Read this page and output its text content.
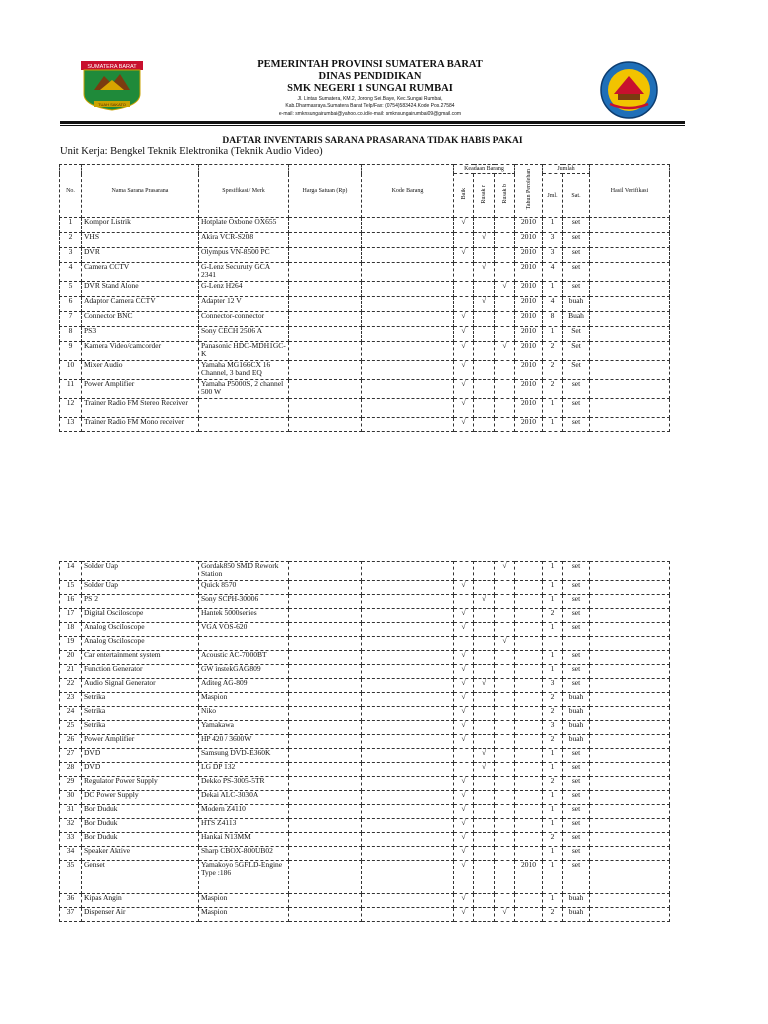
SUMATERA BARAT
TUAH SAKATO
PEMERINTAH PROVINSI SUMATERA BARAT
DINAS PENDIDIKAN
SMK NEGERI 1 SUNGAI RUMBAI
Jl. Lintas Sumatera, KM.2, Jorong Sei.Baye, Kec.Sungai Rumbai,
Kab.Dharmasraya.Sumatera Barat Telp/Fax: (0754)583424.Kode Pos.27584
e-mail: smknsungairumbai@yahoo.co.id/e-mail: smknsungairumbai09@gmail.com
DAFTAR INVENTARIS SARANA PRASARANA TIDAK HABIS PAKAI
Unit Kerja: Bengkel Teknik Elektronika (Teknik Audio Video)
No.	Nama Sarana Prasarana	Spesifikasi/ Merk	Harga Satuan (Rp)	Kode Barang	Keadaan Barang			Tahun Perolehan	Jumlah		Hasil Verifikasi
					Baik	Rusak r	Rusak b		Jml.	Sat.	
1	Kompor Listrik	Hotplate Oxbone OX655			√			2010	1	set	
2	VHS	Akira VCR-S208				√		2010	3	set	
3	DVR	Olympus VN-8500 PC			√			2010	3	set	
4	Camera CCTV	G-Lenz Securuty GCA 2341				√		2010	4	set	
5	DVR Stand Alone	G-Lenz H264					√	2010	1	set	
6	Adaptor Camera CCTV	Adapter 12 V				√		2010	4	buah	
7	Connector BNC	Connector-connector			√			2010	8	Buah	
8	PS3	Sony CECH 2506 A			√			2010	1	Set	
9	Kamera Video/camcorder	Panasonic HDC-MDH1GC-K			√		√	2010	2	Set	
10	Mixer Audio	Yamaha MG166CX 16 Channel, 3 band EQ			√			2010	2	Set	
11	Power Amplifier	Yamaha P5000S, 2 channel 500 W			√			2010	2	set	
12	Trainer Radio FM Stereo Receiver				√			2010	1	set	
13	Trainer Radio FM Mono receiver				√			2010	1	set	
14	Solder Uap	Gordak850 SMD Rework Station					√		1	set	
15	Solder Uap	Quick 8570			√				1	set	
16	PS 2	Sony SCPH-30006				√			1	set	
17	Digital Osciloscope	Hantek 5000series			√				2	set	
18	Analog Osciloscope	VGA VOS-620			√				1	set	
19	Analog Osciloscope						√				
20	Car entertainment system	Acoustic AC-7000BT			√				1	set	
21	Function Generator	GW instekGAG809			√				1	set	
22	Audio Signal Generator	Aditeg AG-809			√	√			3	set	
23	Setrika	Maspion			√				2	buah	
24	Setrika	Niko			√				2	buah	
25	Setrika	Yamakawa			√				3	buah	
26	Power Amplifier	HP 420 / 3600W			√				2	buah	
27	DVD	Samsung DVD-E360K				√			1	set	
28	DVD	LG DP 132				√			1	set	
29	Regulator Power Supply	Dekko PS-3005-5TR			√				2	set	
30	DC Power Supply	Dekai ALC-3030A			√				1	set	
31	Bor Duduk	Modern Z4110			√				1	set	
32	Bor Duduk	HTS Z4113			√				1	set	
33	Bor Duduk	Hankai N13MM			√				2	set	
34	Speaker Aktive	Sharp CBOX-800UB02			√				1	set	
35	Genset	Yamakoyo 5GFLD-Engine Type :186			√			2010	1	set	
36	Kipas Angin	Maspion			√				1	buah	
37	Dispenser Air	Maspion			√		√		2	buah	
